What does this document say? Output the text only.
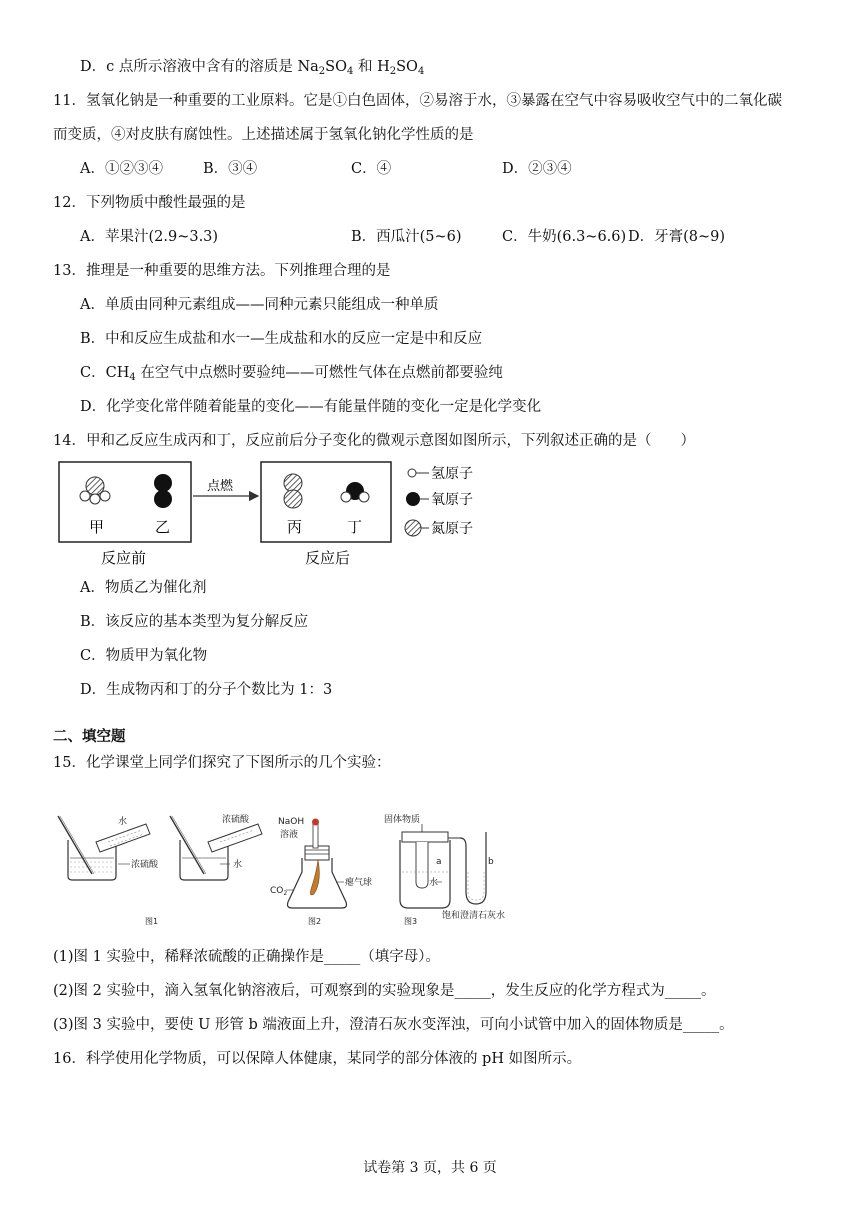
D．c 点所示溶液中含有的溶质是 $Na_2SO_4$ 和 $H_2SO_4$
11．氢氧化钠是一种重要的工业原料。它是①白色固体，②易溶于水，③暴露在空气中容易吸收空气中的二氧化碳
而变质，④对皮肤有腐蚀性。上述描述属于氢氧化钠化学性质的是
A．①②③④	B．③④	C．④	D．②③④
12．下列物质中酸性最强的是
A．苹果汁(2.9~3.3)	B．西瓜汁(5~6)	C．牛奶(6.3~6.6) D．牙膏(8~9)
13．推理是一种重要的思维方法。下列推理合理的是
A．单质由同种元素组成——同种元素只能组成一种单质
B．中和反应生成盐和水一—生成盐和水的反应一定是中和反应
C．$CH_4$ 在空气中点燃时要验纯——可燃性气体在点燃前都要验纯
D．化学变化常伴随着能量的变化——有能量伴随的变化一定是化学变化
14．甲和乙反应生成丙和丁，反应前后分子变化的微观示意图如图所示，下列叙述正确的是（　　）
甲	乙
反应前
点燃
丙	丁
反应后
氢原子
氧原子
氮原子
A．物质乙为催化剂
B．该反应的基本类型为复分解反应
C．物质甲为氧化物
D．生成物丙和丁的分子个数比为 1：3
二、填空题
15．化学课堂上同学们探究了下图所示的几个实验：
水
浓硫酸
图1
浓硫酸
水
NaOH
溶液
$CO_2$
瘪气球
图2
固体物质
a	b
水
饱和澄清石灰水
图3
(1)图 1 实验中，稀释浓硫酸的正确操作是_____（填字母）。
(2)图 2 实验中，滴入氢氧化钠溶液后，可观察到的实验现象是_____，发生反应的化学方程式为_____。
(3)图 3 实验中，要使 U 形管 b 端液面上升，澄清石灰水变浑浊，可向小试管中加入的固体物质是_____。
16．科学使用化学物质，可以保障人体健康，某同学的部分体液的 pH 如图所示。
试卷第 3 页，共 6 页
